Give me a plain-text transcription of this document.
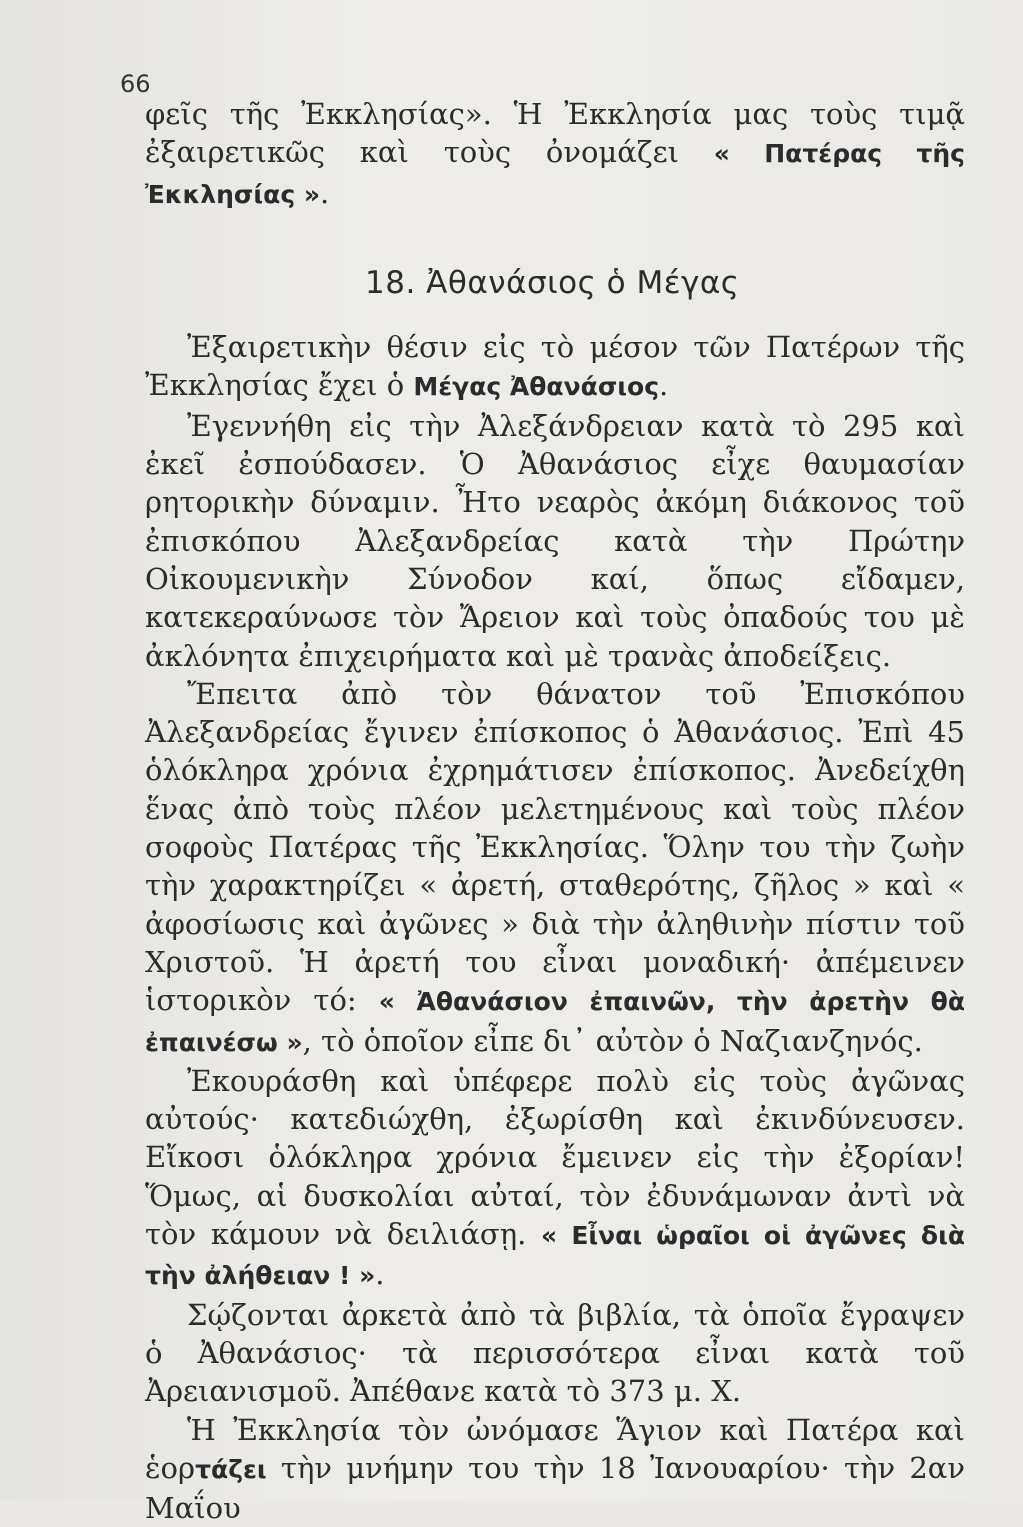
66

φεῖς τῆς Ἐκκλησίας». Ἡ Ἐκκλησία μας τοὺς τιμᾷ ἐξαιρετικῶς καὶ τοὺς ὀνομάζει « Πατέρας τῆς Ἐκκλησίας ».

18. Ἀθανάσιος ὁ Μέγας

Ἐξαιρετικὴν θέσιν εἰς τὸ μέσον τῶν Πατέρων τῆς Ἐκκλησίας ἔχει ὁ Μέγας Ἀθανάσιος.

Ἐγεννήθη εἰς τὴν Ἀλεξάνδρειαν κατὰ τὸ 295 καὶ ἐκεῖ ἐσπούδασεν. Ὁ Ἀθανάσιος εἶχε θαυμασίαν ρητορικὴν δύναμιν. Ἦτο νεαρὸς ἀκόμη διάκονος τοῦ ἐπισκόπου Ἀλεξανδρείας κατὰ τὴν Πρώτην Οἰκουμενικὴν Σύνοδον καί, ὅπως εἴδαμεν, κατεκεραύνωσε τὸν Ἄρειον καὶ τοὺς ὀπαδούς του μὲ ἀκλόνητα ἐπιχειρήματα καὶ μὲ τρανὰς ἀποδείξεις.

Ἔπειτα ἀπὸ τὸν θάνατον τοῦ Ἐπισκόπου Ἀλεξανδρείας ἔγινεν ἐπίσκοπος ὁ Ἀθανάσιος. Ἐπὶ 45 ὁλόκληρα χρόνια ἐχρημάτισεν ἐπίσκοπος. Ἀνεδείχθη ἕνας ἀπὸ τοὺς πλέον μελετημένους καὶ τοὺς πλέον σοφοὺς Πατέρας τῆς Ἐκκλησίας. Ὅλην του τὴν ζωὴν τὴν χαρακτηρίζει « ἀρετή, σταθερότης, ζῆλος » καὶ « ἀφοσίωσις καὶ ἀγῶνες » διὰ τὴν ἀληθινὴν πίστιν τοῦ Χριστοῦ. Ἡ ἀρετή του εἶναι μοναδική· ἀπέμεινεν ἱστορικὸν τό: « Ἀθανάσιον ἐπαινῶν, τὴν ἀρετὴν θὰ ἐπαινέσω », τὸ ὁποῖον εἶπε δι᾽ αὐτὸν ὁ Ναζιανζηνός.

Ἐκουράσθη καὶ ὑπέφερε πολὺ εἰς τοὺς ἀγῶνας αὐτούς· κατεδιώχθη, ἐξωρίσθη καὶ ἐκινδύνευσεν. Εἴκοσι ὁλόκληρα χρόνια ἔμεινεν εἰς τὴν ἐξορίαν! Ὅμως, αἱ δυσκολίαι αὐταί, τὸν ἐδυνάμωναν ἀντὶ νὰ τὸν κάμουν νὰ δειλιάσῃ. « Εἶναι ὡραῖοι οἱ ἀγῶνες διὰ τὴν ἀλήθειαν ! ».

Σῴζονται ἀρκετὰ ἀπὸ τὰ βιβλία, τὰ ὁποῖα ἔγραψεν ὁ Ἀθανάσιος· τὰ περισσότερα εἶναι κατὰ τοῦ Ἀρειανισμοῦ. Ἀπέθανε κατὰ τὸ 373 μ. Χ.

Ἡ Ἐκκλησία τὸν ὠνόμασε Ἅγιον καὶ Πατέρα καὶ ἑορτάζει τὴν μνήμην του τὴν 18 Ἰανουαρίου· τὴν 2αν Μαΐου
